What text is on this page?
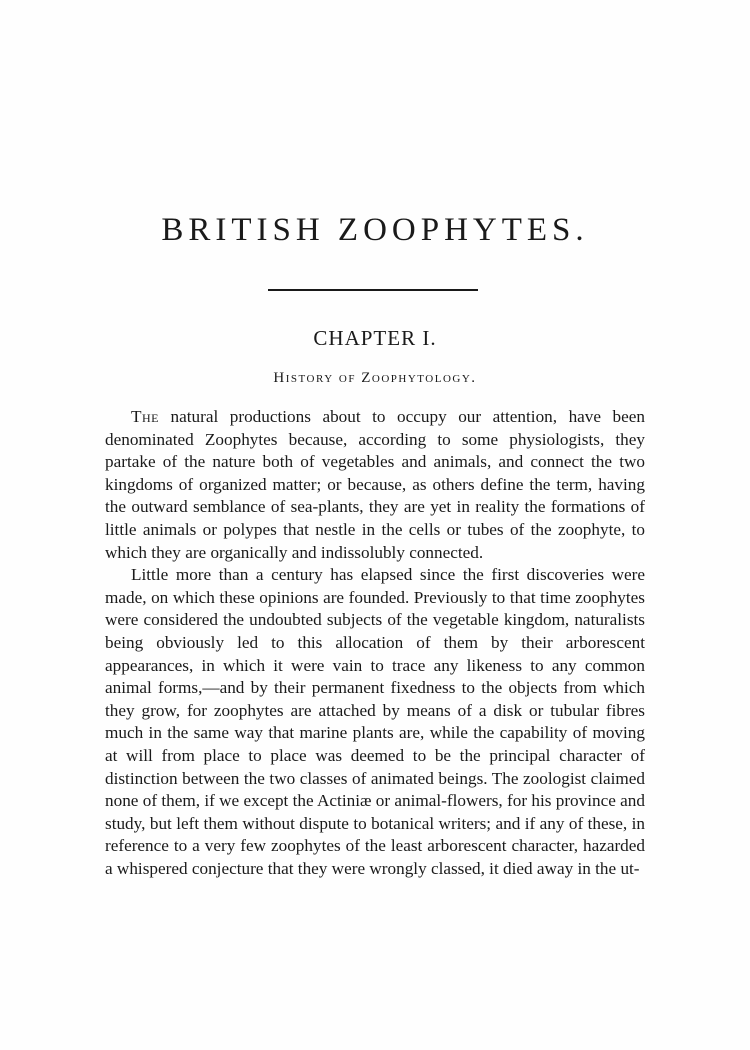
BRITISH ZOOPHYTES.
CHAPTER I.
History of Zoophytology.

The natural productions about to occupy our attention, have been denominated Zoophytes because, according to some physiologists, they partake of the nature both of vegetables and animals, and connect the two kingdoms of organized matter; or because, as others define the term, having the outward semblance of sea-plants, they are yet in reality the formations of little animals or polypes that nestle in the cells or tubes of the zoophyte, to which they are organically and indissolubly connected.

Little more than a century has elapsed since the first discoveries were made, on which these opinions are founded. Previously to that time zoophytes were considered the undoubted subjects of the vegetable kingdom, naturalists being obviously led to this allocation of them by their arborescent appearances, in which it were vain to trace any likeness to any common animal forms,—and by their permanent fixedness to the objects from which they grow, for zoophytes are attached by means of a disk or tubular fibres much in the same way that marine plants are, while the capability of moving at will from place to place was deemed to be the principal character of distinction between the two classes of animated beings. The zoologist claimed none of them, if we except the Actiniæ or animal-flowers, for his province and study, but left them without dispute to botanical writers; and if any of these, in reference to a very few zoophytes of the least arborescent character, hazarded a whispered conjecture that they were wrongly classed, it died away in the ut-
